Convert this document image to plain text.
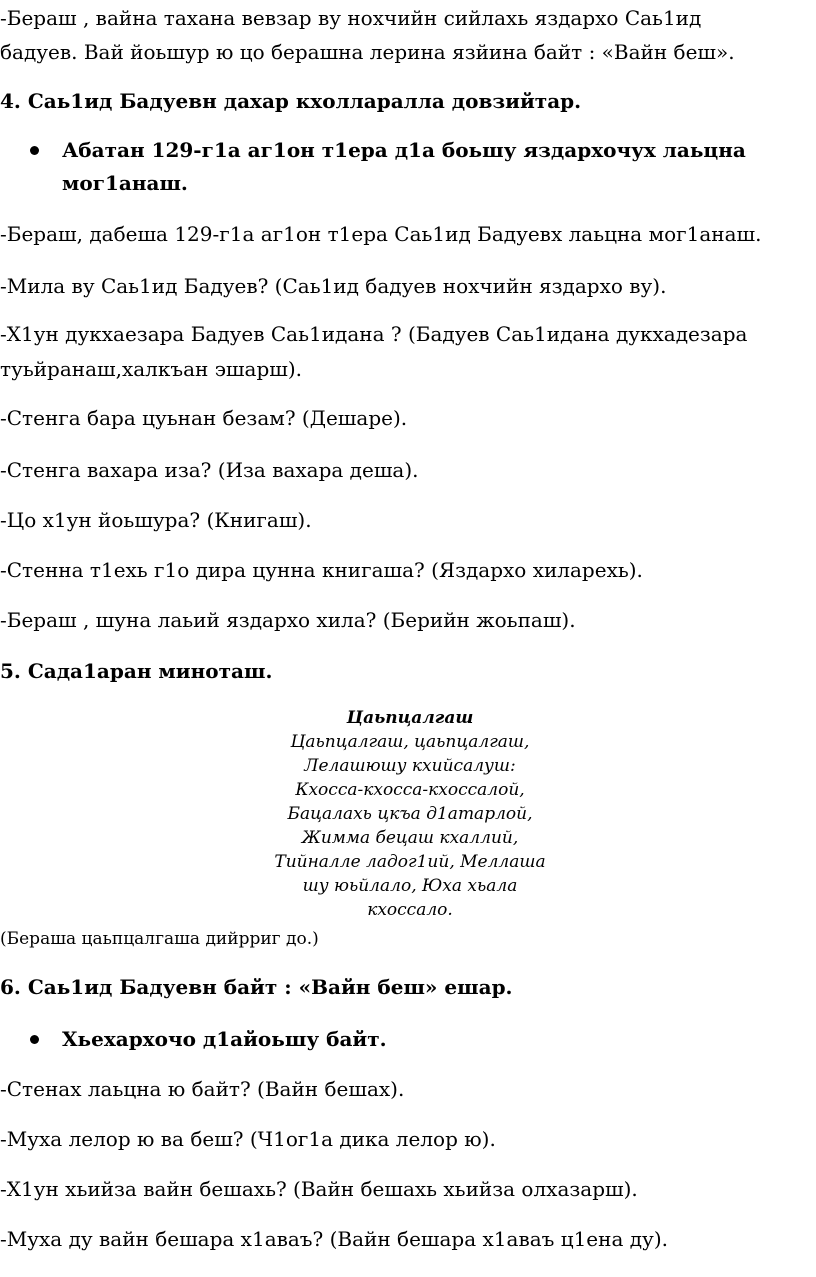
-Бераш , вайна тахана вевзар ву нохчийн сийлахь яздархо Саь1ид
бадуев. Вай йоьшур ю цо берашна лерина язйина байт : «Вайн беш».
4. Саь1ид Бадуевн дахар кхолларалла довзийтар.
Абатан 129-г1а аг1он т1ера д1а боьшу яздархочух лаьцна
мог1анаш.
-Бераш, дабеша 129-г1а аг1он т1ера Саь1ид Бадуевх лаьцна мог1анаш.
-Мила ву Саь1ид Бадуев? (Саь1ид бадуев нохчийн яздархо ву).
-Х1ун дукхаезара Бадуев Саь1идана ? (Бадуев Саь1идана дукхадезара
туьйранаш,халкъан эшарш).
-Стенга бара цуьнан безам? (Дешаре).
-Стенга вахара иза? (Иза вахара деша).
-Цо х1ун йоьшура? (Книгаш).
-Стенна т1ехь г1о дира цунна книгаша? (Яздархо хиларехь).
-Бераш , шуна лаьий яздархо хила? (Берийн жоьпаш).
5. Сада1аран миноташ.
Цаьпцалгаш
Цаьпцалгаш, цаьпцалгаш,
Лелашюшу кхийсалуш:
Кхосса-кхосса-кхоссалой,
Бацалахь цкъа д1атарлой,
Жимма бецаш кхаллий,
Тийналле ладог1ий, Меллаша
шу юьйлало, Юха хьала
кхоссало.
(Бераша цаьпцалгаша дийрриг до.)
6. Саь1ид Бадуевн байт : «Вайн беш» ешар.
Хьехархочо д1айоьшу байт.
-Стенах лаьцна ю байт? (Вайн бешах).
-Муха лелор ю ва беш? (Ч1ог1а дика лелор ю).
-Х1ун хьийза вайн бешахь? (Вайн бешахь хьийза олхазарш).
-Муха ду вайн бешара х1аваъ? (Вайн бешара х1аваъ ц1ена ду).
